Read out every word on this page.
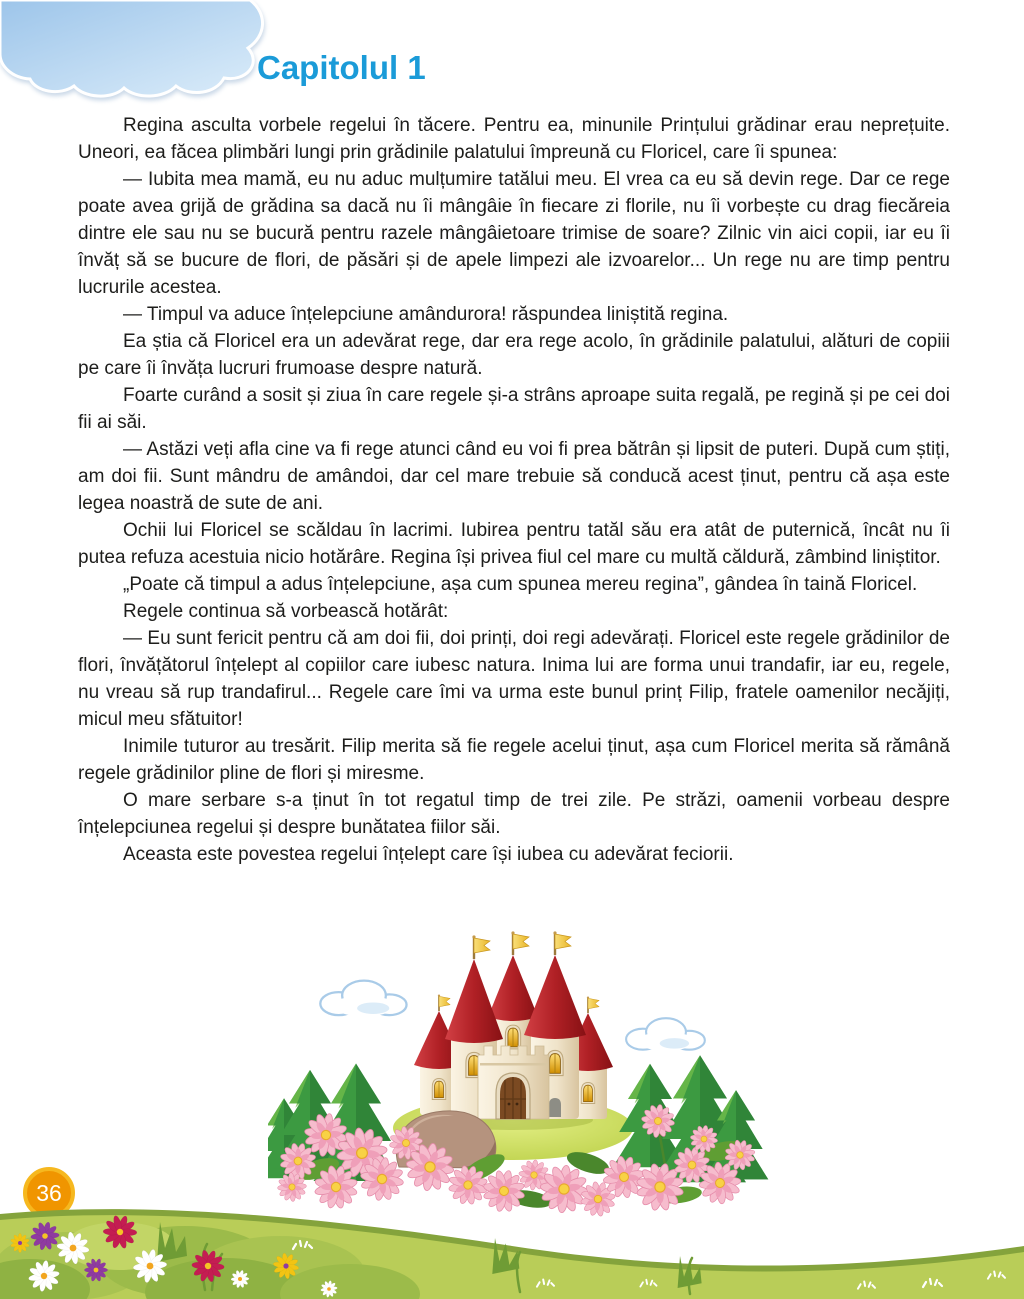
Capitolul 1

Regina asculta vorbele regelui în tăcere. Pentru ea, minunile Prințului grădinar erau neprețuite. Uneori, ea făcea plimbări lungi prin grădinile palatului împreună cu Floricel, care îi spunea:

— Iubita mea mamă, eu nu aduc mulțumire tatălui meu. El vrea ca eu să devin rege. Dar ce rege poate avea grijă de grădina sa dacă nu îi mângâie în fiecare zi florile, nu îi vorbește cu drag fiecăreia dintre ele sau nu se bucură pentru razele mângâietoare trimise de soare? Zilnic vin aici copii, iar eu îi învăț să se bucure de flori, de păsări și de apele limpezi ale izvoarelor... Un rege nu are timp pentru lucrurile acestea.

— Timpul va aduce înțelepciune amândurora! răspundea liniștită regina.

Ea știa că Floricel era un adevărat rege, dar era rege acolo, în grădinile palatului, alături de copiii pe care îi învăța lucruri frumoase despre natură.

Foarte curând a sosit și ziua în care regele și-a strâns aproape suita regală, pe regină și pe cei doi fii ai săi.

— Astăzi veți afla cine va fi rege atunci când eu voi fi prea bătrân și lipsit de puteri. După cum știți, am doi fii. Sunt mândru de amândoi, dar cel mare trebuie să conducă acest ținut, pentru că așa este legea noastră de sute de ani.

Ochii lui Floricel se scăldau în lacrimi. Iubirea pentru tatăl său era atât de puternică, încât nu îi putea refuza acestuia nicio hotărâre. Regina își privea fiul cel mare cu multă căldură, zâmbind liniștitor.

„Poate că timpul a adus înțelepciune, așa cum spunea mereu regina”, gândea în taină Floricel.

Regele continua să vorbească hotărât:

— Eu sunt fericit pentru că am doi fii, doi prinți, doi regi adevărați. Floricel este regele grădinilor de flori, învățătorul înțelept al copiilor care iubesc natura. Inima lui are forma unui trandafir, iar eu, regele, nu vreau să rup trandafirul... Regele care îmi va urma este bunul prinț Filip, fratele oamenilor necăjiți, micul meu sfătuitor!

Inimile tuturor au tresărit. Filip merita să fie regele acelui ținut, așa cum Floricel merita să rămână regele grădinilor pline de flori și miresme.

O mare serbare s-a ținut în tot regatul timp de trei zile. Pe străzi, oamenii vorbeau despre înțelepciunea regelui și despre bunătatea fiilor săi.

Aceasta este povestea regelui înțelept care își iubea cu adevărat feciorii.

36
